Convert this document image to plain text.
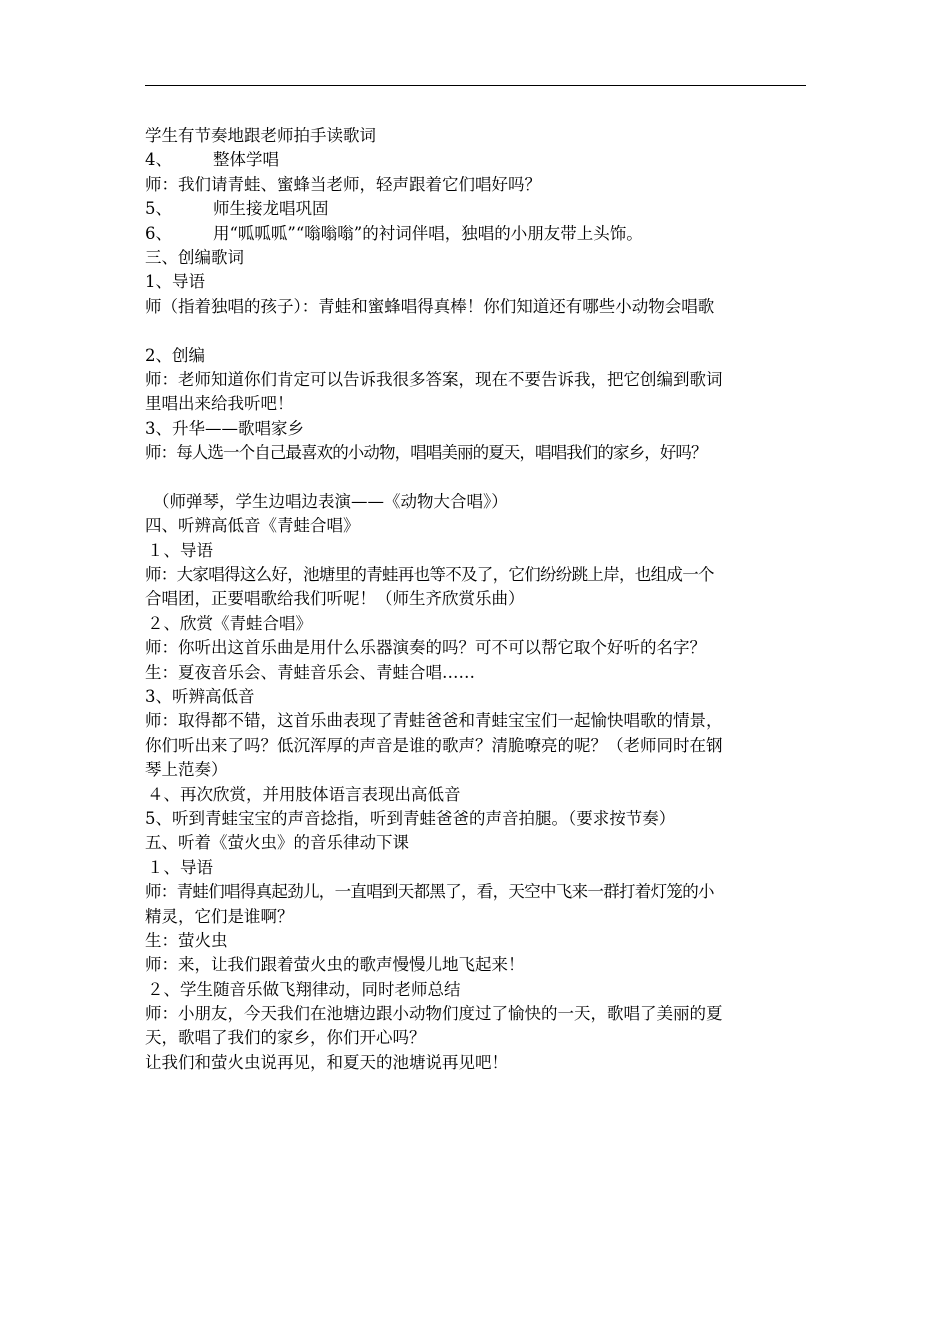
学生有节奏地跟老师拍手读歌词
4、 整体学唱
师：我们请青蛙、蜜蜂当老师，轻声跟着它们唱好吗？
5、 师生接龙唱巩固
6、 用“呱呱呱”“嗡嗡嗡”的衬词伴唱，独唱的小朋友带上头饰。
三、创编歌词
1、导语
师（指着独唱的孩子）：青蛙和蜜蜂唱得真棒！你们知道还有哪些小动物会唱歌
2、创编
师：老师知道你们肯定可以告诉我很多答案，现在不要告诉我，把它创编到歌词
里唱出来给我听吧！
3、升华——歌唱家乡
师：每人选一个自己最喜欢的小动物，唱唱美丽的夏天，唱唱我们的家乡，好吗？
（师弹琴，学生边唱边表演——《动物大合唱》）
四、听辨高低音《青蛙合唱》
１、导语
师：大家唱得这么好，池塘里的青蛙再也等不及了，它们纷纷跳上岸，也组成一个
合唱团，正要唱歌给我们听呢！（师生齐欣赏乐曲）
２、欣赏《青蛙合唱》
师：你听出这首乐曲是用什么乐器演奏的吗？可不可以帮它取个好听的名字？
生：夏夜音乐会、青蛙音乐会、青蛙合唱……
3、听辨高低音
师：取得都不错，这首乐曲表现了青蛙爸爸和青蛙宝宝们一起愉快唱歌的情景，
你们听出来了吗？低沉浑厚的声音是谁的歌声？清脆嘹亮的呢？（老师同时在钢
琴上范奏）
４、再次欣赏，并用肢体语言表现出高低音
5、听到青蛙宝宝的声音捻指，听到青蛙爸爸的声音拍腿。（要求按节奏）
五、听着《萤火虫》的音乐律动下课
１、导语
师：青蛙们唱得真起劲儿，一直唱到天都黑了，看，天空中飞来一群打着灯笼的小
精灵，它们是谁啊？
生：萤火虫
师：来，让我们跟着萤火虫的歌声慢慢儿地飞起来！
２、学生随音乐做飞翔律动，同时老师总结
师：小朋友，今天我们在池塘边跟小动物们度过了愉快的一天，歌唱了美丽的夏
天，歌唱了我们的家乡，你们开心吗？
让我们和萤火虫说再见，和夏天的池塘说再见吧！
